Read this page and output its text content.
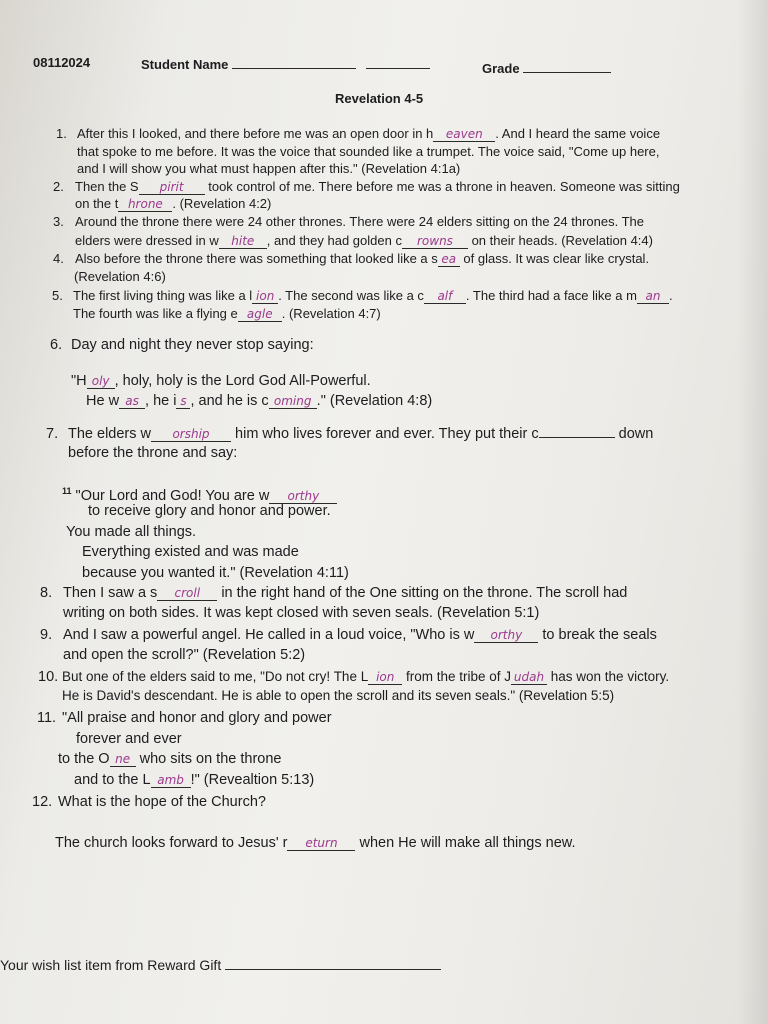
08112024	Student Name	Grade
Revelation 4-5
1. After this I looked, and there before me was an open door in h eaven . And I heard the same voice
that spoke to me before. It was the voice that sounded like a trumpet. The voice said, "Come up here,
and I will show you what must happen after this." (Revelation 4:1a)
2. Then the S pirit took control of me. There before me was a throne in heaven. Someone was sitting
on the t hrone . (Revelation 4:2)
3. Around the throne there were 24 other thrones. There were 24 elders sitting on the 24 thrones. The
elders were dressed in w hite , and they had golden c rowns on their heads. (Revelation 4:4)
4. Also before the throne there was something that looked like a s ea of glass. It was clear like crystal.
(Revelation 4:6)
5. The first living thing was like a l ion . The second was like a c alf . The third had a face like a m an .
The fourth was like a flying e agle . (Revelation 4:7)
6. Day and night they never stop saying:
"H oly , holy, holy is the Lord God All-Powerful.
He w as , he i s , and he is c oming ." (Revelation 4:8)
7. The elders w orship him who lives forever and ever. They put their c	down
before the throne and say:
$^{11}$ "Our Lord and God! You are w orthy
to receive glory and honor and power.
You made all things.
Everything existed and was made
because you wanted it." (Revelation 4:11)
8. Then I saw a s croll in the right hand of the One sitting on the throne. The scroll had
writing on both sides. It was kept closed with seven seals. (Revelation 5:1)
9. And I saw a powerful angel. He called in a loud voice, "Who is w orthy to break the seals
and open the scroll?" (Revelation 5:2)
10. But one of the elders said to me, "Do not cry! The L ion from the tribe of J udah has won the victory.
He is David's descendant. He is able to open the scroll and its seven seals." (Revelation 5:5)
11. "All praise and honor and glory and power
forever and ever
to the O ne who sits on the throne
and to the L amb !" (Revealtion 5:13)
12. What is the hope of the Church?
The church looks forward to Jesus' r eturn when He will make all things new.
Your wish list item from Reward Gift
